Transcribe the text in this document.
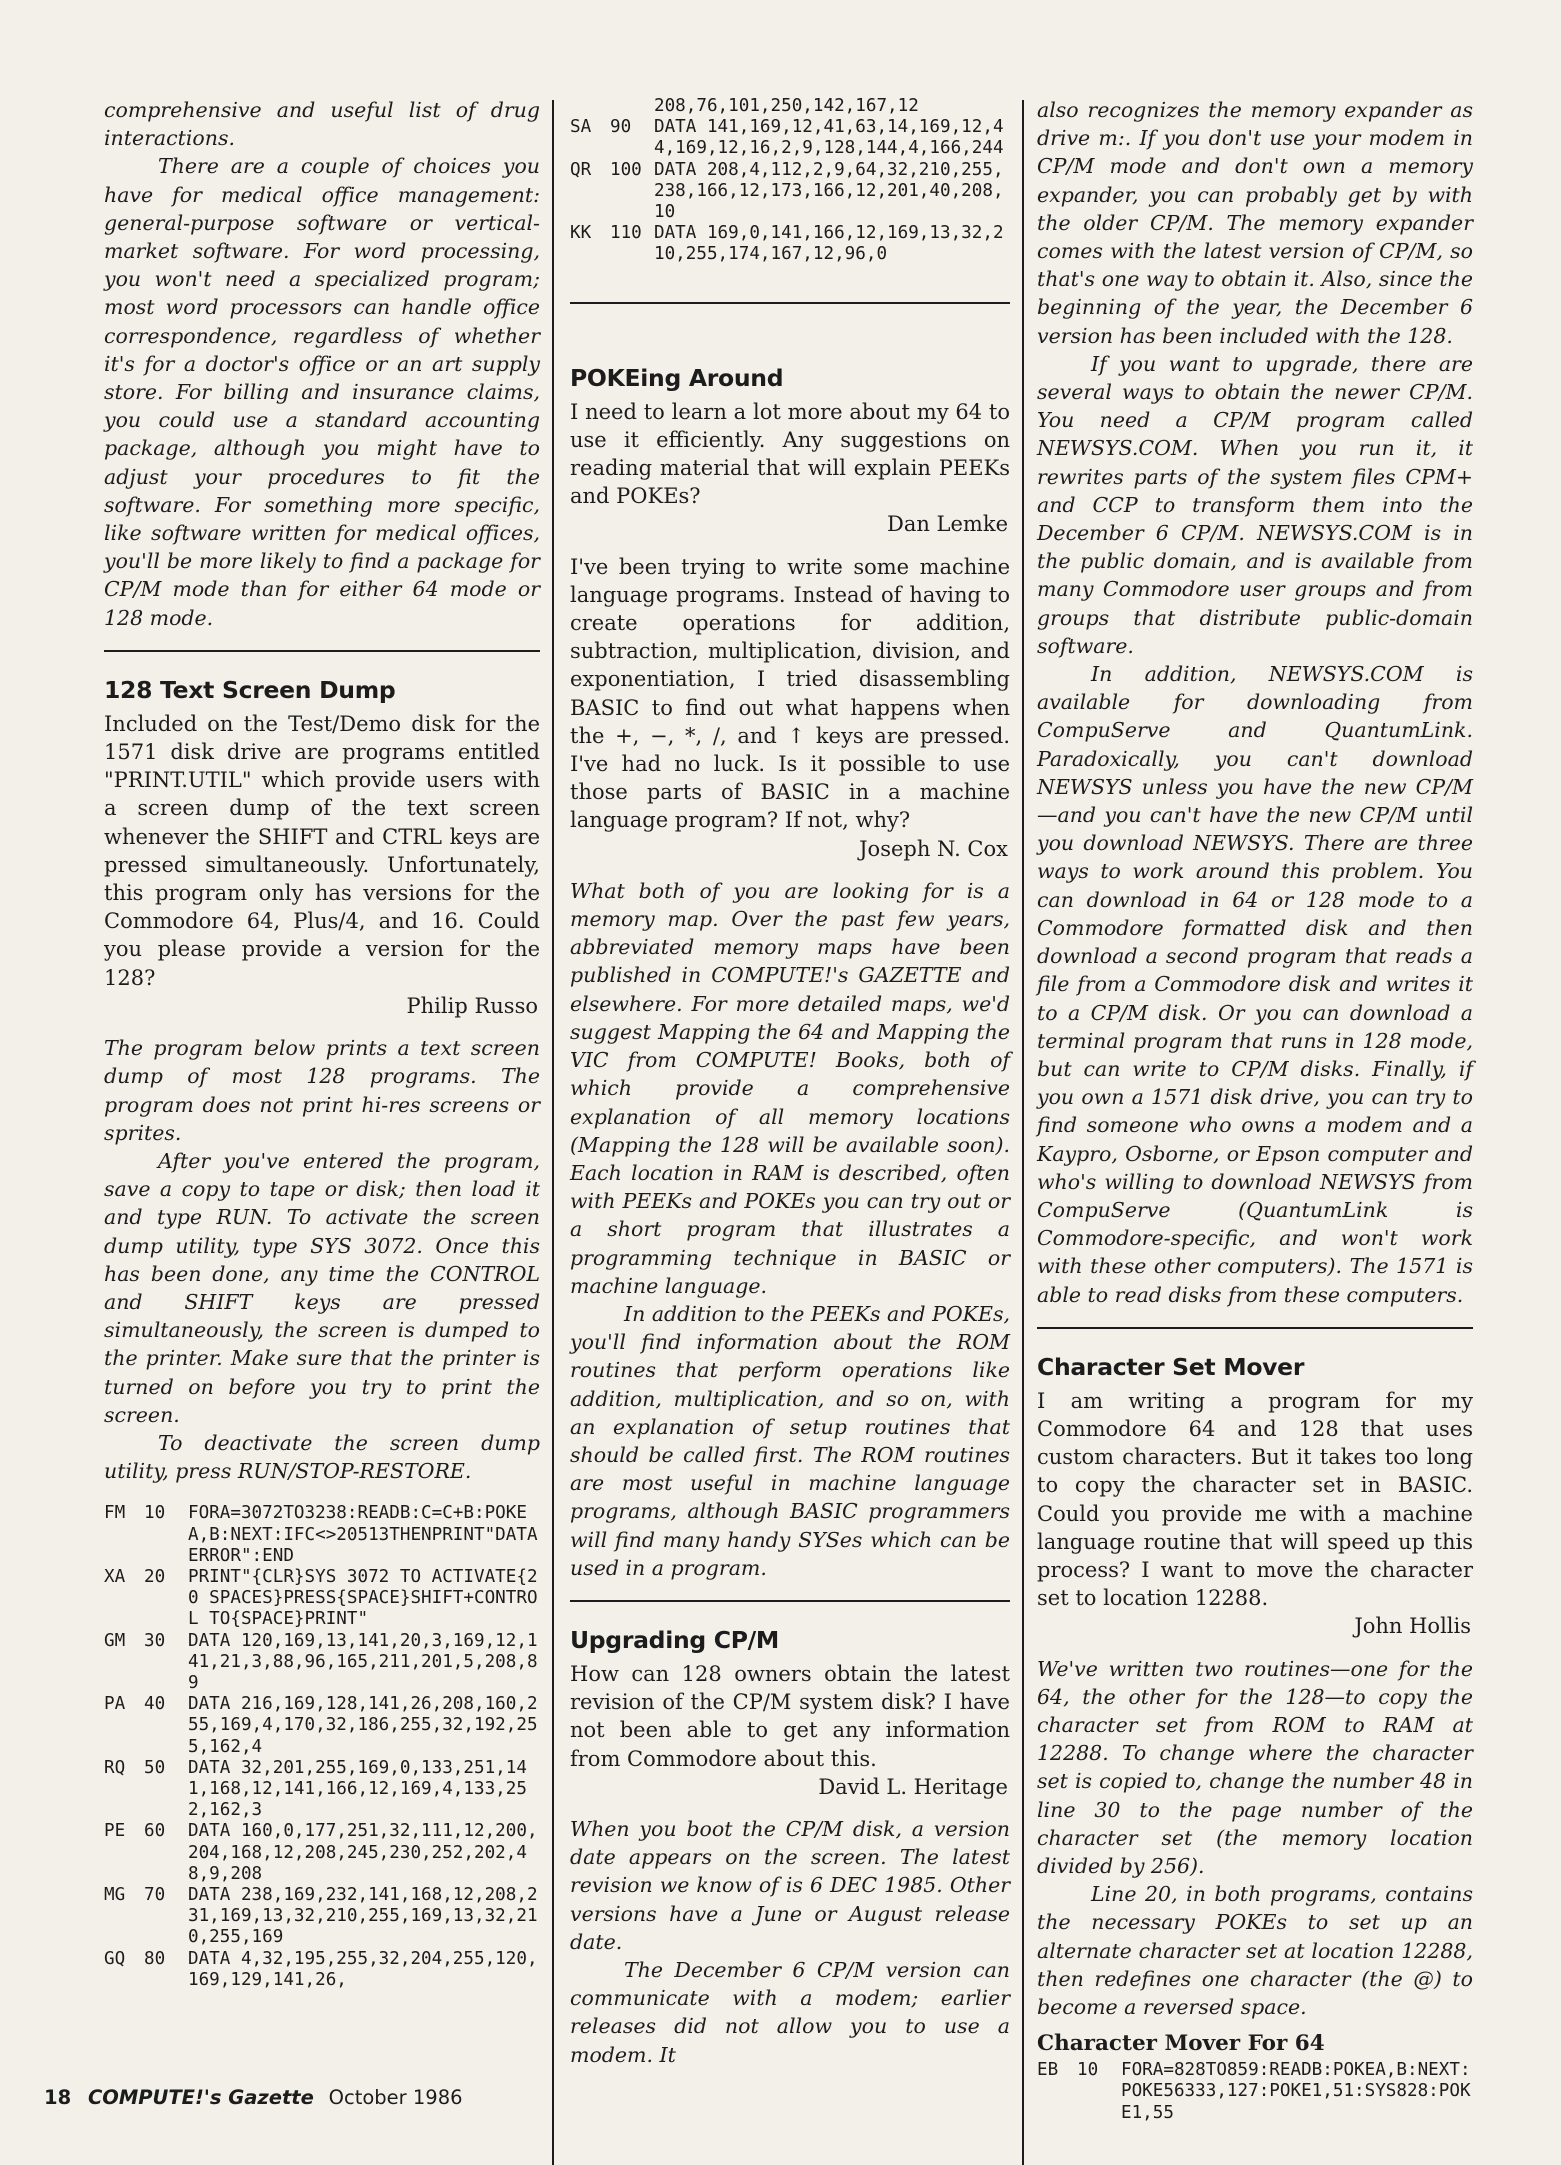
comprehensive and useful list of drug interactions.

There are a couple of choices you have for medical office management: general-purpose software or vertical-market software. For word processing, you won't need a specialized program; most word processors can handle office correspondence, regardless of whether it's for a doctor's office or an art supply store. For billing and insurance claims, you could use a standard accounting package, although you might have to adjust your procedures to fit the software. For something more specific, like software written for medical offices, you'll be more likely to find a package for CP/M mode than for either 64 mode or 128 mode.

128 Text Screen Dump

Included on the Test/Demo disk for the 1571 disk drive are programs entitled "PRINT.UTIL" which provide users with a screen dump of the text screen whenever the SHIFT and CTRL keys are pressed simultaneously. Unfortunately, this program only has versions for the Commodore 64, Plus/4, and 16. Could you please provide a version for the 128?

Philip Russo

The program below prints a text screen dump of most 128 programs. The program does not print hi-res screens or sprites.

After you've entered the program, save a copy to tape or disk; then load it and type RUN. To activate the screen dump utility, type SYS 3072. Once this has been done, any time the CONTROL and SHIFT keys are pressed simultaneously, the screen is dumped to the printer. Make sure that the printer is turned on before you try to print the screen.

To deactivate the screen dump utility, press RUN/STOP-RESTORE.

FM	10	FORA=3072TO3238:READB:C=C+B:POKEA,B:NEXT:IFC<>20513THENPRINT"DATA ERROR":END
XA	20	PRINT"{CLR}SYS 3072 TO ACTIVATE{20 SPACES}PRESS{SPACE}SHIFT+CONTROL TO{SPACE}PRINT"
GM	30	DATA 120,169,13,141,20,3,169,12,141,21,3,88,96,165,211,201,5,208,89
PA	40	DATA 216,169,128,141,26,208,160,255,169,4,170,32,186,255,32,192,255,162,4
RQ	50	DATA 32,201,255,169,0,133,251,141,168,12,141,166,12,169,4,133,252,162,3
PE	60	DATA 160,0,177,251,32,111,12,200,204,168,12,208,245,230,252,202,48,9,208
MG	70	DATA 238,169,232,141,168,12,208,231,169,13,32,210,255,169,13,32,210,255,169
GQ	80	DATA 4,32,195,255,32,204,255,120,169,129,141,26,
208,76,101,250,142,167,12
SA	90	DATA 141,169,12,41,63,14,169,12,44,169,12,16,2,9,128,144,4,166,244
QR	100 DATA 208,4,112,2,9,64,32,210,255,238,166,12,173,166,12,201,40,208,10
KK	110 DATA 169,0,141,166,12,169,13,32,210,255,174,167,12,96,0
POKEing Around

I need to learn a lot more about my 64 to use it efficiently. Any suggestions on reading material that will explain PEEKs and POKEs?

Dan Lemke

I've been trying to write some machine language programs. Instead of having to create operations for addition, subtraction, multiplication, division, and exponentiation, I tried disassembling BASIC to find out what happens when the +, −, *, /, and ↑ keys are pressed. I've had no luck. Is it possible to use those parts of BASIC in a machine language program? If not, why?

Joseph N. Cox

What both of you are looking for is a memory map. Over the past few years, abbreviated memory maps have been published in COMPUTE!'s GAZETTE and elsewhere. For more detailed maps, we'd suggest Mapping the 64 and Mapping the VIC from COMPUTE! Books, both of which provide a comprehensive explanation of all memory locations (Mapping the 128 will be available soon). Each location in RAM is described, often with PEEKs and POKEs you can try out or a short program that illustrates a programming technique in BASIC or machine language.

In addition to the PEEKs and POKEs, you'll find information about the ROM routines that perform operations like addition, multiplication, and so on, with an explanation of setup routines that should be called first. The ROM routines are most useful in machine language programs, although BASIC programmers will find many handy SYSes which can be used in a program.

Upgrading CP/M

How can 128 owners obtain the latest revision of the CP/M system disk? I have not been able to get any information from Commodore about this.

David L. Heritage

When you boot the CP/M disk, a version date appears on the screen. The latest revision we know of is 6 DEC 1985. Other versions have a June or August release date.

The December 6 CP/M version can communicate with a modem; earlier releases did not allow you to use a modem. It

also recognizes the memory expander as drive m:. If you don't use your modem in CP/M mode and don't own a memory expander, you can probably get by with the older CP/M. The memory expander comes with the latest version of CP/M, so that's one way to obtain it. Also, since the beginning of the year, the December 6 version has been included with the 128.

If you want to upgrade, there are several ways to obtain the newer CP/M. You need a CP/M program called NEWSYS.COM. When you run it, it rewrites parts of the system files CPM+ and CCP to transform them into the December 6 CP/M. NEWSYS.COM is in the public domain, and is available from many Commodore user groups and from groups that distribute public-domain software.

In addition, NEWSYS.COM is available for downloading from CompuServe and QuantumLink. Paradoxically, you can't download NEWSYS unless you have the new CP/M—and you can't have the new CP/M until you download NEWSYS. There are three ways to work around this problem. You can download in 64 or 128 mode to a Commodore formatted disk and then download a second program that reads a file from a Commodore disk and writes it to a CP/M disk. Or you can download a terminal program that runs in 128 mode, but can write to CP/M disks. Finally, if you own a 1571 disk drive, you can try to find someone who owns a modem and a Kaypro, Osborne, or Epson computer and who's willing to download NEWSYS from CompuServe (QuantumLink is Commodore-specific, and won't work with these other computers). The 1571 is able to read disks from these computers.

Character Set Mover

I am writing a program for my Commodore 64 and 128 that uses custom characters. But it takes too long to copy the character set in BASIC. Could you provide me with a machine language routine that will speed up this process? I want to move the character set to location 12288.

John Hollis

We've written two routines—one for the 64, the other for the 128—to copy the character set from ROM to RAM at 12288. To change where the character set is copied to, change the number 48 in line 30 to the page number of the character set (the memory location divided by 256).

Line 20, in both programs, contains the necessary POKEs to set up an alternate character set at location 12288, then redefines one character (the @) to become a reversed space.

Character Mover For 64
EB	10	FORA=828TO859:READB:POKEA,B:NEXT:POKE56333,127:POKE1,51:SYS828:POKE1,55
18 COMPUTE!'s Gazette October 1986
